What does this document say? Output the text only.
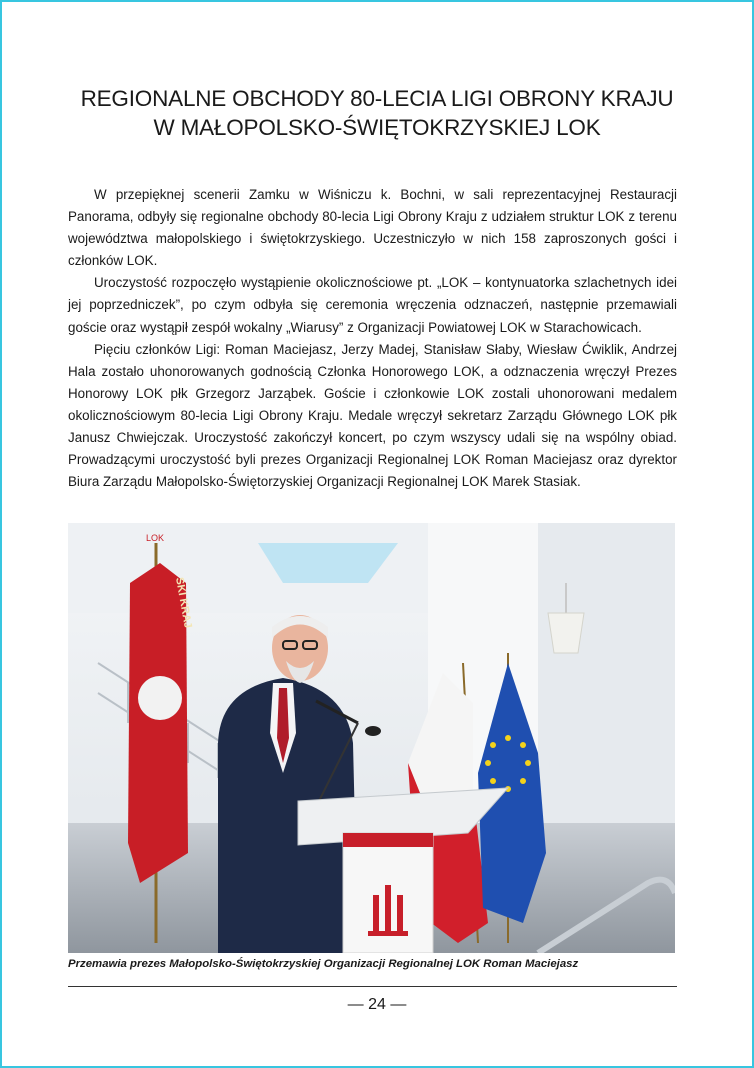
REGIONALNE OBCHODY 80-LECIA LIGI OBRONY KRAJU
W MAŁOPOLSKO-ŚWIĘTOKRZYSKIEJ LOK

W przepięknej scenerii Zamku w Wiśniczu k. Bochni, w sali reprezentacyjnej Restauracji Panorama, odbyły się regionalne obchody 80-lecia Ligi Obrony Kraju z udziałem struktur LOK z terenu województwa małopolskiego i świętokrzyskiego. Uczestniczyło w nich 158 zaproszonych gości i członków LOK.

Uroczystość rozpoczęło wystąpienie okolicznościowe pt. „LOK – kontynuatorka szlachetnych idei jej poprzedniczek”, po czym odbyła się ceremonia wręczenia odznaczeń, następnie przemawiali goście oraz wystąpił zespół wokalny „Wiarusy” z Organizacji Powiatowej LOK w Starachowicach.

Pięciu członków Ligi: Roman Maciejasz, Jerzy Madej, Stanisław Słaby, Wiesław Ćwiklik, Andrzej Hala zostało uhonorowanych godnością Członka Honorowego LOK, a odznaczenia wręczył Prezes Honorowy LOK płk Grzegorz Jarząbek. Goście i członkowie LOK zostali uhonorowani medalem okolicznościowym 80-lecia Ligi Obrony Kraju. Medale wręczył sekretarz Zarządu Głównego LOK płk Janusz Chwiejczak. Uroczystość zakończył koncert, po czym wszyscy udali się na wspólny obiad. Prowadzącymi uroczystość byli prezes Organizacji Regionalnej LOK Roman Maciejasz oraz dyrektor Biura Zarządu Małopolsko-Świętorzyskiej Organizacji Regionalnej LOK Marek Stasiak.

LOK
SKI KRAJ

Przemawia prezes Małopolsko-Świętokrzyskiej Organizacji Regionalnej LOK Roman Maciejasz

— 24 —
